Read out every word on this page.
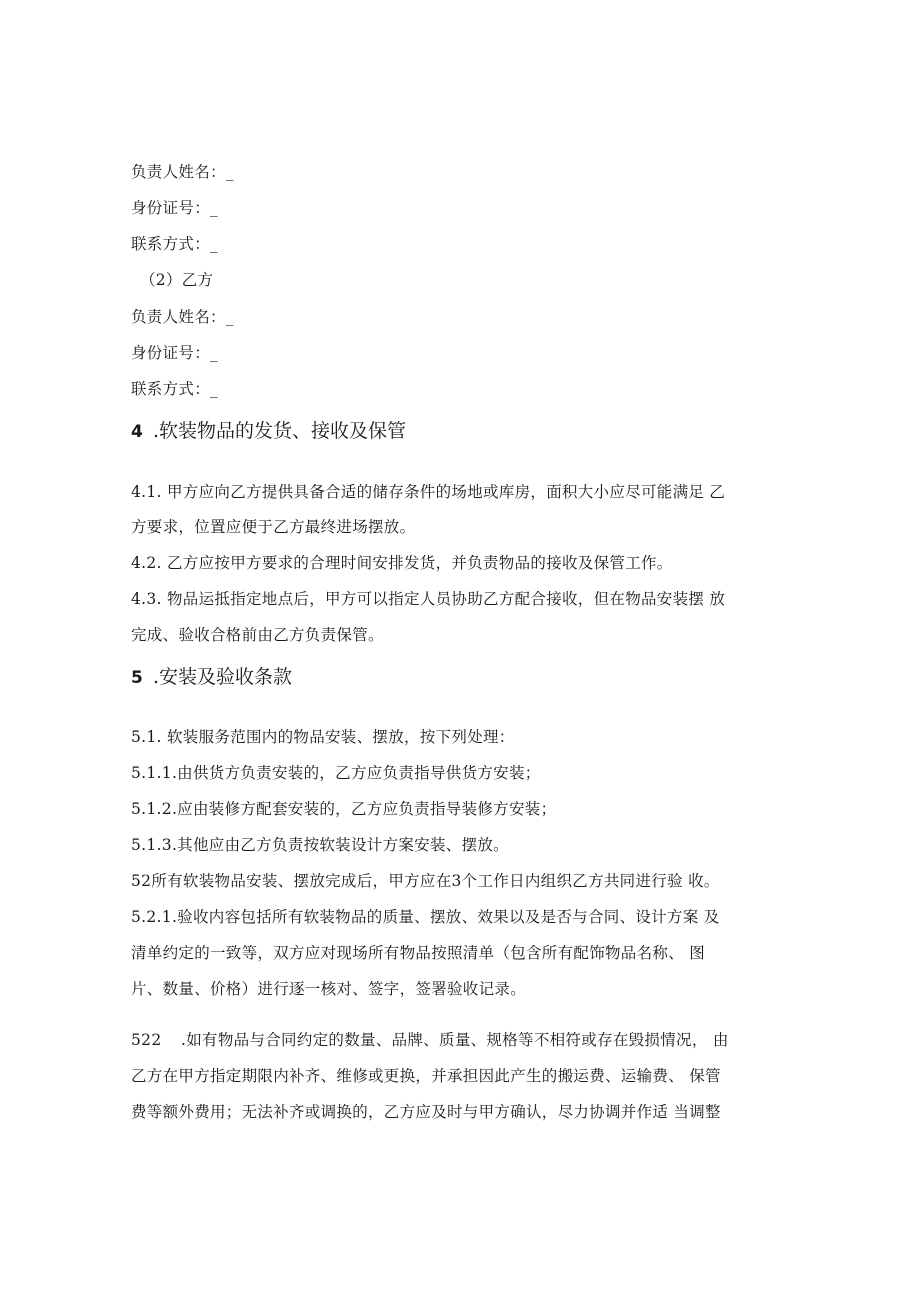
负责人姓名：_
身份证号：_
联系方式：_
（2）乙方
负责人姓名：_
身份证号：_
联系方式：_
4 .软装物品的发货、接收及保管
4.1. 甲方应向乙方提供具备合适的储存条件的场地或库房，面积大小应尽可能满足 乙
方要求，位置应便于乙方最终进场摆放。
4.2. 乙方应按甲方要求的合理时间安排发货，并负责物品的接收及保管工作。
4.3. 物品运抵指定地点后，甲方可以指定人员协助乙方配合接收，但在物品安装摆 放
完成、验收合格前由乙方负责保管。
5 .安装及验收条款
5.1. 软装服务范围内的物品安装、摆放，按下列处理：
5.1.1.由供货方负责安装的，乙方应负责指导供货方安装；
5.1.2.应由装修方配套安装的，乙方应负责指导装修方安装；
5.1.3.其他应由乙方负责按软装设计方案安装、摆放。
52所有软装物品安装、摆放完成后，甲方应在3个工作日内组织乙方共同进行验 收。
5.2.1.验收内容包括所有软装物品的质量、摆放、效果以及是否与合同、设计方案 及
清单约定的一致等，双方应对现场所有物品按照清单（包含所有配饰物品名称、 图
片、数量、价格）进行逐一核对、签字，签署验收记录。
522 .如有物品与合同约定的数量、品牌、质量、规格等不相符或存在毁损情况， 由
乙方在甲方指定期限内补齐、维修或更换，并承担因此产生的搬运费、运输费、 保管
费等额外费用；无法补齐或调换的，乙方应及时与甲方确认，尽力协调并作适 当调整
